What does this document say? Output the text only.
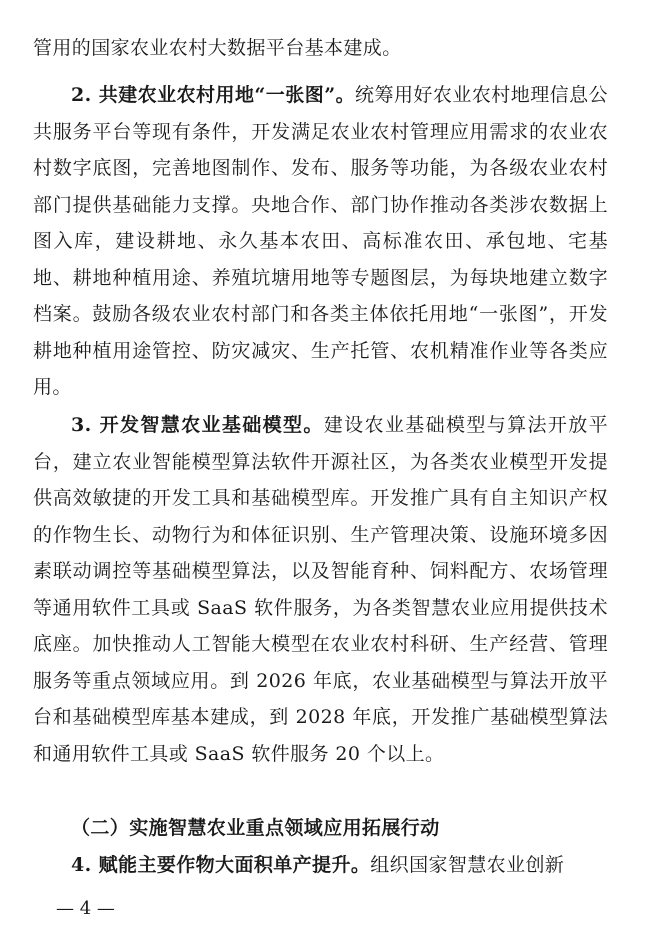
管用的国家农业农村大数据平台基本建成。

2. 共建农业农村用地“一张图”。统筹用好农业农村地理信息公共服务平台等现有条件，开发满足农业农村管理应用需求的农业农村数字底图，完善地图制作、发布、服务等功能，为各级农业农村部门提供基础能力支撑。央地合作、部门协作推动各类涉农数据上图入库，建设耕地、永久基本农田、高标准农田、承包地、宅基地、耕地种植用途、养殖坑塘用地等专题图层，为每块地建立数字档案。鼓励各级农业农村部门和各类主体依托用地“一张图”，开发耕地种植用途管控、防灾减灾、生产托管、农机精准作业等各类应用。

3. 开发智慧农业基础模型。建设农业基础模型与算法开放平台，建立农业智能模型算法软件开源社区，为各类农业模型开发提供高效敏捷的开发工具和基础模型库。开发推广具有自主知识产权的作物生长、动物行为和体征识别、生产管理决策、设施环境多因素联动调控等基础模型算法，以及智能育种、饲料配方、农场管理等通用软件工具或 SaaS 软件服务，为各类智慧农业应用提供技术底座。加快推动人工智能大模型在农业农村科研、生产经营、管理服务等重点领域应用。到 2026 年底，农业基础模型与算法开放平台和基础模型库基本建成，到 2028 年底，开发推广基础模型算法和通用软件工具或 SaaS 软件服务 20 个以上。

（二）实施智慧农业重点领域应用拓展行动

4. 赋能主要作物大面积单产提升。组织国家智慧农业创新

— 4 —
